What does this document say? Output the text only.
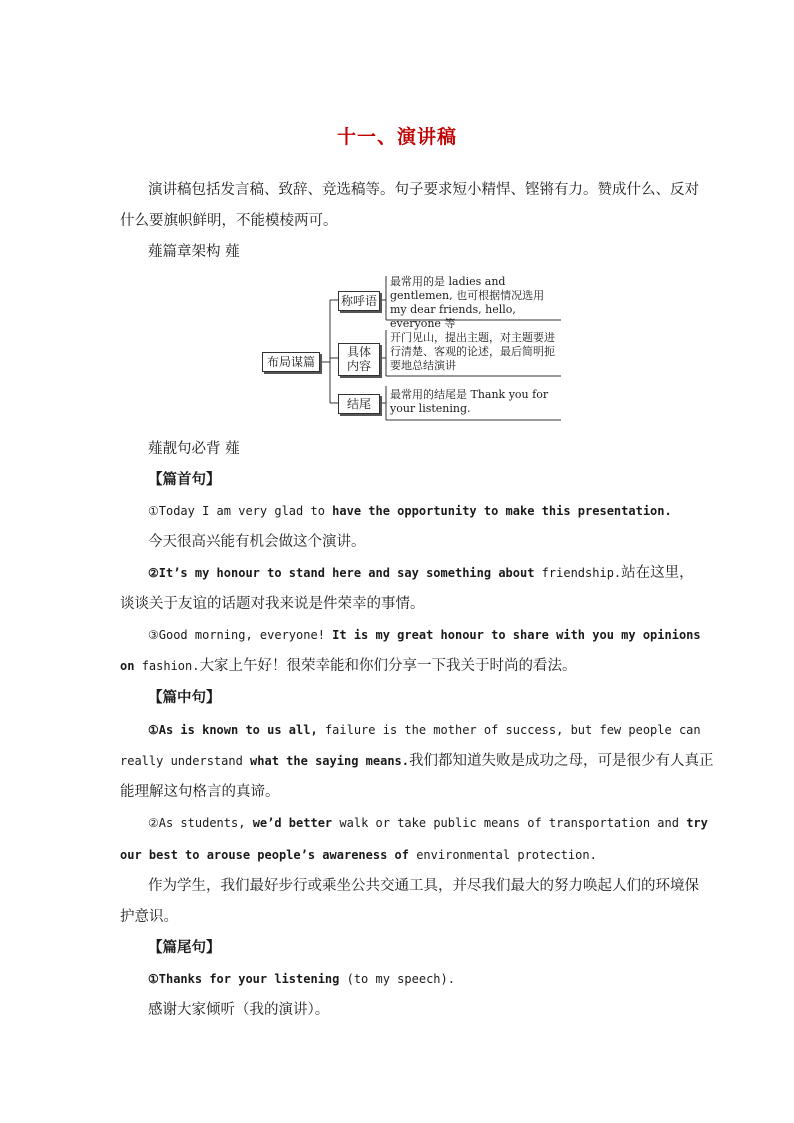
十一、演讲稿
演讲稿包括发言稿、致辞、竞选稿等。句子要求短小精悍、铿锵有力。赞成什么、反对
什么要旗帜鲜明，不能模棱两可。
薤篇章架构 薤
布局谋篇
称呼语
具体
内容
结尾
最常用的是 ladies and gentlemen, 也可根据情况选用 my dear friends, hello, everyone 等
开门见山，提出主题，对主题要进行清楚、客观的论述，最后简明扼要地总结演讲
最常用的结尾是 Thank you for your listening.
薤靓句必背 薤
【篇首句】
①Today I am very glad to have the opportunity to make this presentation.
今天很高兴能有机会做这个演讲。
②It’s my honour to stand here and say something about friendship.站在这里，
谈谈关于友谊的话题对我来说是件荣幸的事情。
③Good morning, everyone! It is my great honour to share with you my opinions
on fashion.大家上午好！很荣幸能和你们分享一下我关于时尚的看法。
【篇中句】
①As is known to us all, failure is the mother of success, but few people can
really understand what the saying means.我们都知道失败是成功之母，可是很少有人真正
能理解这句格言的真谛。
②As students, we’d better walk or take public means of transportation and try
our best to arouse people’s awareness of environmental protection.
作为学生，我们最好步行或乘坐公共交通工具，并尽我们最大的努力唤起人们的环境保
护意识。
【篇尾句】
①Thanks for your listening (to my speech).
感谢大家倾听（我的演讲）。
